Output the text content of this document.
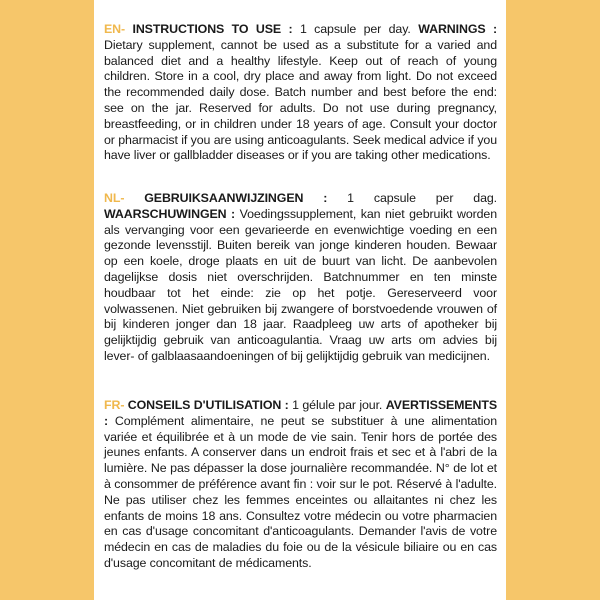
EN- INSTRUCTIONS TO USE : 1 capsule per day. WARNINGS : Dietary supplement, cannot be used as a substitute for a varied and balanced diet and a healthy lifestyle. Keep out of reach of young children. Store in a cool, dry place and away from light. Do not exceed the recommended daily dose. Batch number and best before the end: see on the jar. Reserved for adults. Do not use during pregnancy, breastfeeding, or in children under 18 years of age. Consult your doctor or pharmacist if you are using anticoagulants. Seek medical advice if you have liver or gallbladder diseases or if you are taking other medications.
NL- GEBRUIKSAANWIJZINGEN : 1 capsule per dag. WAARSCHUWINGEN : Voedingssupplement, kan niet gebruikt worden als vervanging voor een gevarieerde en evenwichtige voeding en een gezonde levensstijl. Buiten bereik van jonge kinderen houden. Bewaar op een koele, droge plaats en uit de buurt van licht. De aanbevolen dagelijkse dosis niet overschrijden. Batchnummer en ten minste houdbaar tot het einde: zie op het potje. Gereserveerd voor volwassenen. Niet gebruiken bij zwangere of borstvoedende vrouwen of bij kinderen jonger dan 18 jaar. Raadpleeg uw arts of apotheker bij gelijktijdig gebruik van anticoagulantia. Vraag uw arts om advies bij lever- of galblaasaandoeningen of bij gelijktijdig gebruik van medicijnen.
FR- CONSEILS D'UTILISATION : 1 gélule par jour. AVERTISSEMENTS : Complément alimentaire, ne peut se substituer à une alimentation variée et équilibrée et à un mode de vie sain. Tenir hors de portée des jeunes enfants. A conserver dans un endroit frais et sec et à l'abri de la lumière. Ne pas dépasser la dose journalière recommandée. N° de lot et à consommer de préférence avant fin : voir sur le pot. Réservé à l'adulte. Ne pas utiliser chez les femmes enceintes ou allaitantes ni chez les enfants de moins 18 ans. Consultez votre médecin ou votre pharmacien en cas d'usage concomitant d'anticoagulants. Demander l'avis de votre médecin en cas de maladies du foie ou de la vésicule biliaire ou en cas d'usage concomitant de médicaments.
